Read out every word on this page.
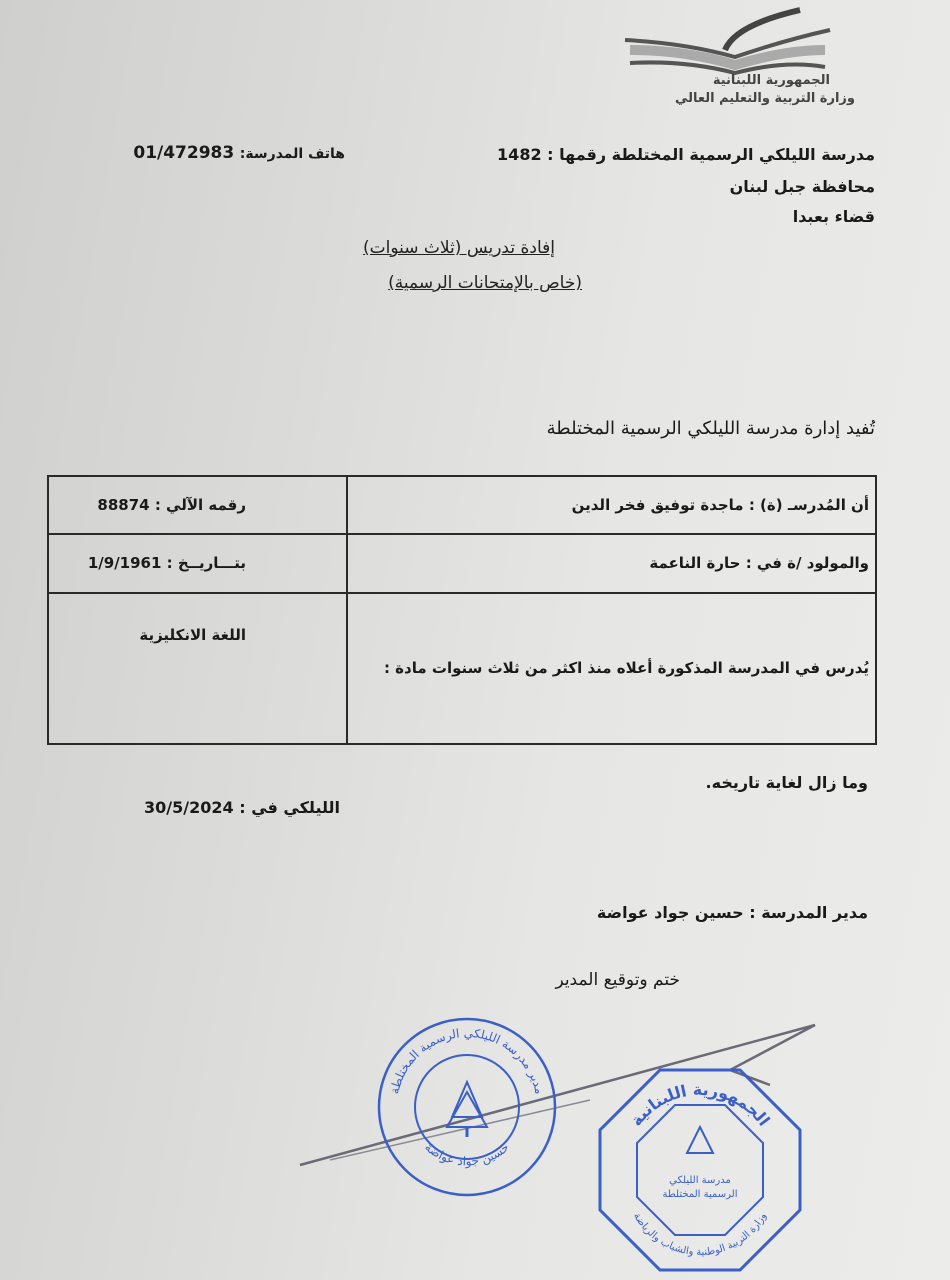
الجمهورية اللبنانية
وزارة التربية والتعليم العالي
مدرسة الليلكي الرسمية المختلطة رقمها : 1482
محافظة جبل لبنان
قضاء بعبدا
هاتف المدرسة: 01/472983
إفادة تدريس (ثلاث سنوات)
(خاص بالإمتحانات الرسمية)
تُفيد إدارة مدرسة الليلكي الرسمية المختلطة
أن المُدرسـ (ة) : ماجدة توفيق فخر الدين	رقمه الآلي : 88874
والمولود /ة في : حارة الناعمة	بتـــاريــخ : 1/9/1961
يُدرس في المدرسة المذكورة أعلاه منذ اكثر من ثلاث سنوات مادة :	اللغة الانكليزية
وما زال لغاية تاريخه.
الليلكي في : 30/5/2024
مدير المدرسة : حسين جواد عواضة
ختم وتوقيع المدير
مدير مدرسة الليلكي الرسمية المختلطة
حسين جواد عواضة
الجمهورية اللبنانية
وزارة التربية الوطنية والشباب والرياضة
مدرسة الليلكي
الرسمية المختلطة
